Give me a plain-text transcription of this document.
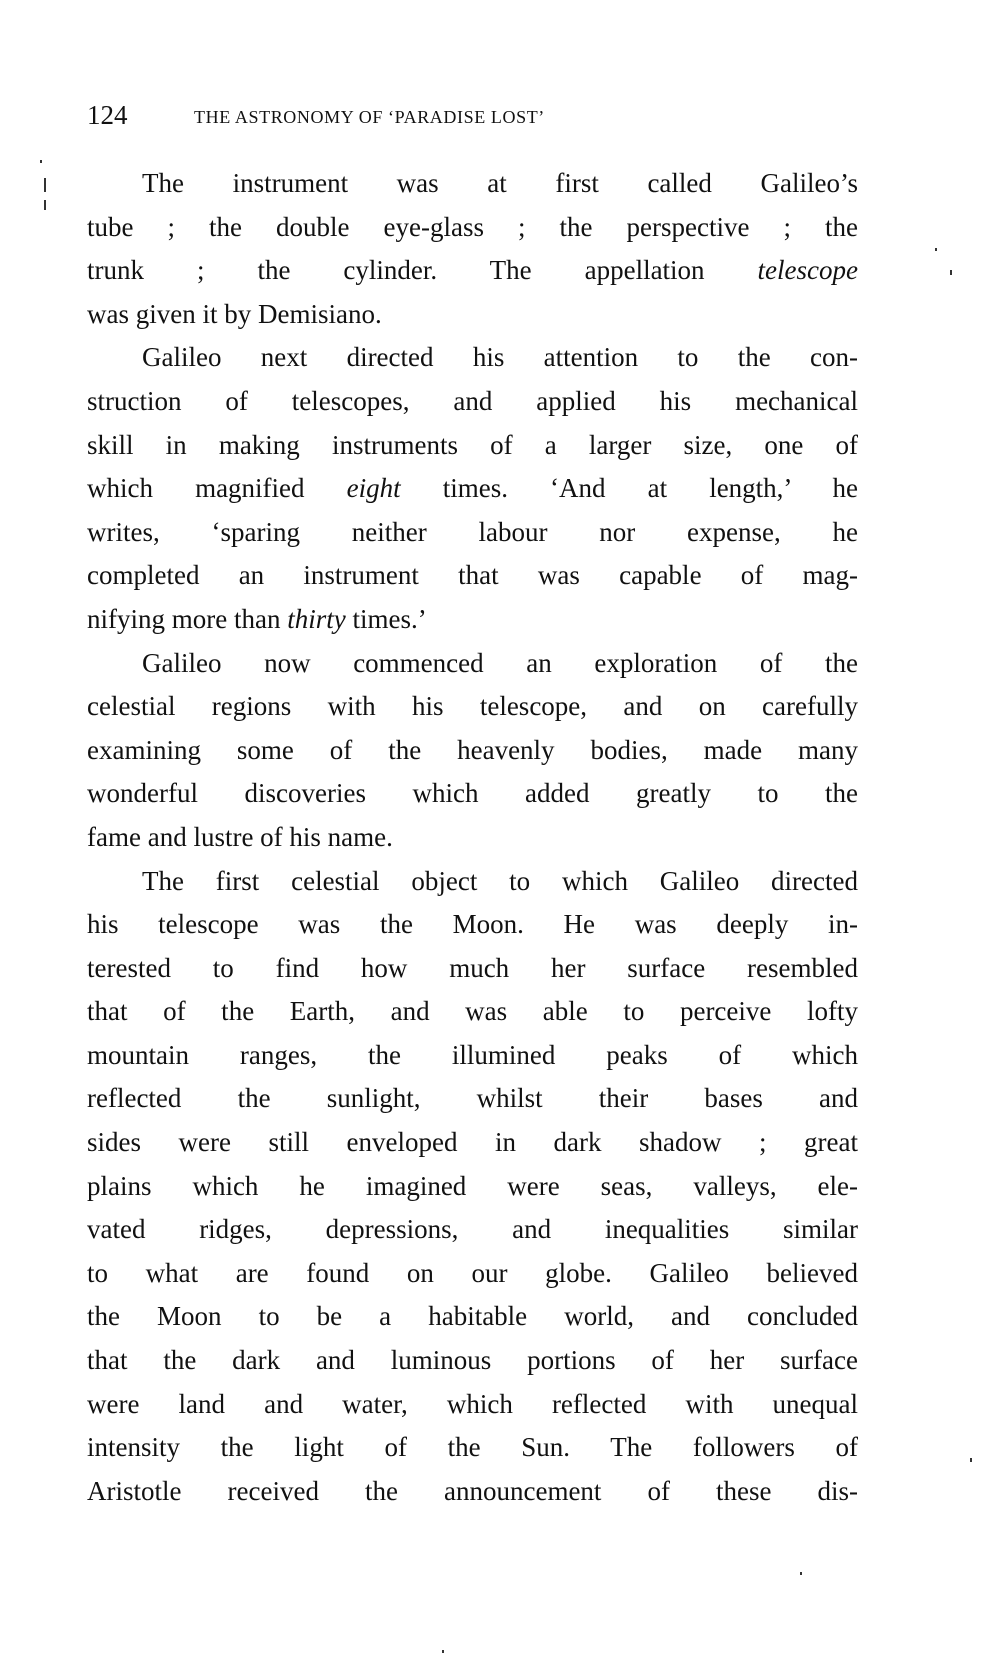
124	THE ASTRONOMY OF ‘PARADISE LOST’
The instrument was at first called Galileo’s
tube ; the double eye-glass ; the perspective ; the
trunk ; the cylinder. The appellation telescope
was given it by Demisiano.
Galileo next directed his attention to the con-
struction of telescopes, and applied his mechanical
skill in making instruments of a larger size, one of
which magnified eight times. ‘And at length,’ he
writes, ‘sparing neither labour nor expense, he
completed an instrument that was capable of mag-
nifying more than thirty times.’
Galileo now commenced an exploration of the
celestial regions with his telescope, and on carefully
examining some of the heavenly bodies, made many
wonderful discoveries which added greatly to the
fame and lustre of his name.
The first celestial object to which Galileo directed
his telescope was the Moon. He was deeply in-
terested to find how much her surface resembled
that of the Earth, and was able to perceive lofty
mountain ranges, the illumined peaks of which
reflected the sunlight, whilst their bases and
sides were still enveloped in dark shadow ; great
plains which he imagined were seas, valleys, ele-
vated ridges, depressions, and inequalities similar
to what are found on our globe. Galileo believed
the Moon to be a habitable world, and concluded
that the dark and luminous portions of her surface
were land and water, which reflected with unequal
intensity the light of the Sun. The followers of
Aristotle received the announcement of these dis-
